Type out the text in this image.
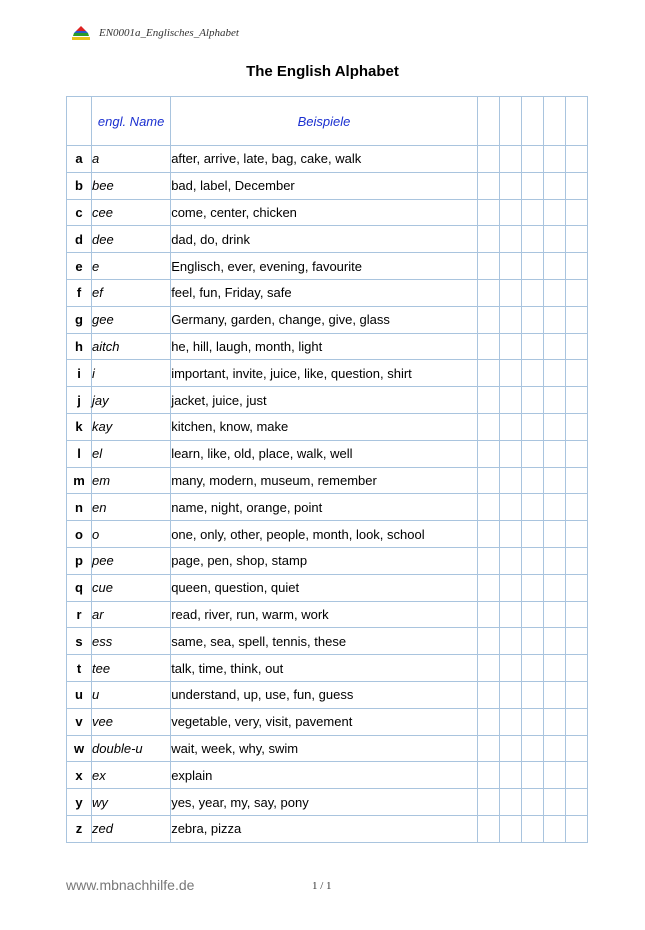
EN0001a_Englisches_Alphabet
The English Alphabet
	engl. Name	Beispiele					
a	a	after, arrive, late, bag, cake, walk					
b	bee	bad, label, December					
c	cee	come, center, chicken					
d	dee	dad, do, drink					
e	e	Englisch, ever, evening, favourite					
f	ef	feel, fun, Friday, safe					
g	gee	Germany, garden, change, give, glass					
h	aitch	he, hill, laugh, month, light					
i	i	important, invite, juice, like, question, shirt					
j	jay	jacket, juice, just					
k	kay	kitchen, know, make					
l	el	learn, like, old, place, walk, well					
m	em	many, modern, museum, remember					
n	en	name, night, orange, point					
o	o	one, only, other, people, month, look, school					
p	pee	page, pen, shop, stamp					
q	cue	queen, question, quiet					
r	ar	read, river, run, warm, work					
s	ess	same, sea, spell, tennis, these					
t	tee	talk, time, think, out					
u	u	understand, up, use, fun, guess					
v	vee	vegetable, very, visit, pavement					
w	double-u	wait, week, why, swim					
x	ex	explain					
y	wy	yes, year, my, say, pony					
z	zed	zebra, pizza					
www.mbnachhilfe.de	1 / 1
